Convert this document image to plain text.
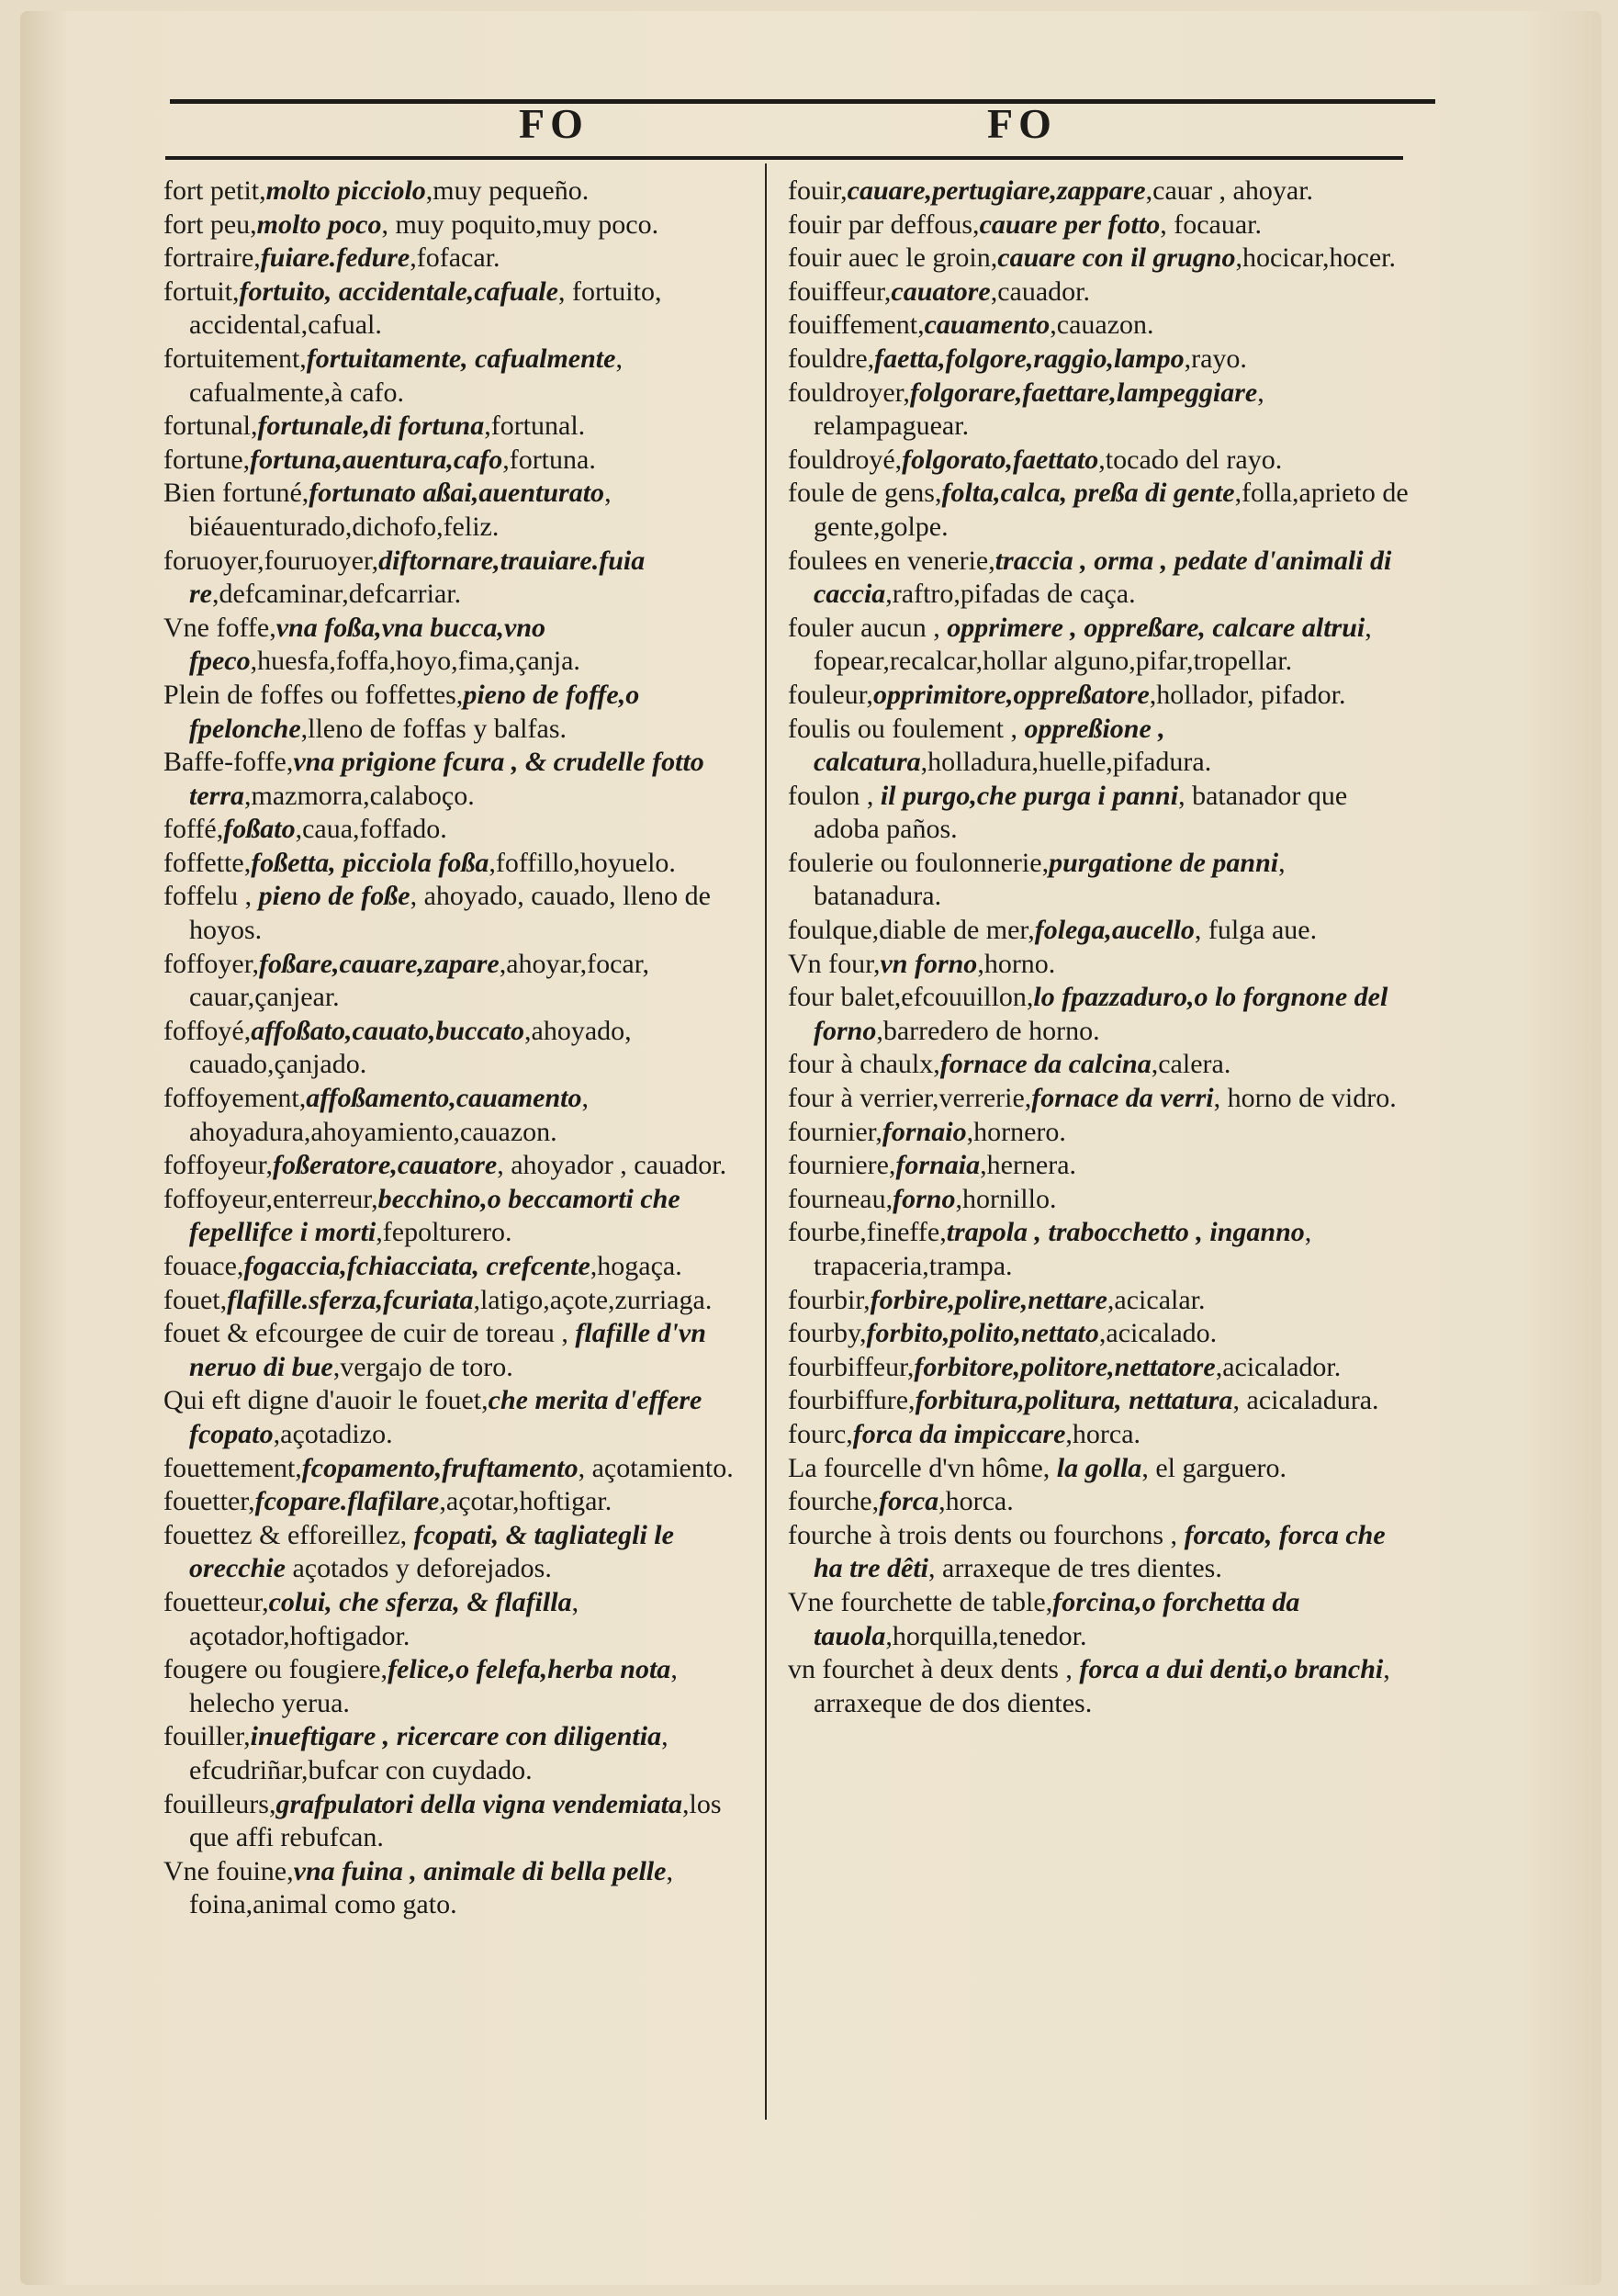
FO	FO

fort petit,molto picciolo,muy pequeño.

fort peu,molto poco, muy poquito,muy poco.

fortraire,fuiare.fedure,fofacar.

fortuit,fortuito, accidentale,cafuale, fortuito, accidental,cafual.

fortuitement,fortuitamente, cafualmente, cafualmente,à cafo.

fortunal,fortunale,di fortuna,fortunal.

fortune,fortuna,auentura,cafo,fortuna.

Bien fortuné,fortunato aßai,auenturato, biéauenturado,dichofo,feliz.

foruoyer,fouruoyer,diftornare,trauiare.fuia re,defcaminar,defcarriar.

Vne foffe,vna foßa,vna bucca,vno fpeco,huesfa,foffa,hoyo,fima,çanja.

Plein de foffes ou foffettes,pieno de foffe,o fpelonche,lleno de foffas y balfas.

Baffe-foffe,vna prigione fcura , & crudelle fotto terra,mazmorra,calaboço.

foffé,foßato,caua,foffado.

foffette,foßetta, picciola foßa,foffillo,hoyuelo.

foffelu , pieno de foße, ahoyado, cauado, lleno de hoyos.

foffoyer,foßare,cauare,zapare,ahoyar,focar, cauar,çanjear.

foffoyé,affoßato,cauato,buccato,ahoyado, cauado,çanjado.

foffoyement,affoßamento,cauamento, ahoyadura,ahoyamiento,cauazon.

foffoyeur,foßeratore,cauatore, ahoyador , cauador.

foffoyeur,enterreur,becchino,o beccamorti che fepellifce i morti,fepolturero.

fouace,fogaccia,fchiacciata, crefcente,hogaça.

fouet,flafille.sferza,fcuriata,latigo,açote,zurriaga.

fouet & efcourgee de cuir de toreau , flafille d'vn neruo di bue,vergajo de toro.

Qui eft digne d'auoir le fouet,che merita d'effere fcopato,açotadizo.

fouettement,fcopamento,fruftamento, açotamiento.

fouetter,fcopare.flafilare,açotar,hoftigar.

fouettez & efforeillez, fcopati, & tagliategli le orecchie açotados y deforejados.

fouetteur,colui, che sferza, & flafilla, açotador,hoftigador.

fougere ou fougiere,felice,o felefa,herba nota, helecho yerua.

fouiller,inueftigare , ricercare con diligentia, efcudriñar,bufcar con cuydado.

fouilleurs,grafpulatori della vigna vendemiata,los que affi rebufcan.

Vne fouine,vna fuina , animale di bella pelle, foina,animal como gato.

fouir,cauare,pertugiare,zappare,cauar , ahoyar.

fouir par deffous,cauare per fotto, focauar.

fouir auec le groin,cauare con il grugno,hocicar,hocer.

fouiffeur,cauatore,cauador.

fouiffement,cauamento,cauazon.

fouldre,faetta,folgore,raggio,lampo,rayo.

fouldroyer,folgorare,faettare,lampeggiare, relampaguear.

fouldroyé,folgorato,faettato,tocado del rayo.

foule de gens,folta,calca, preßa di gente,folla,aprieto de gente,golpe.

foulees en venerie,traccia , orma , pedate d'animali di caccia,raftro,pifadas de caça.

fouler aucun , opprimere , oppreßare, calcare altrui, fopear,recalcar,hollar alguno,pifar,tropellar.

fouleur,opprimitore,oppreßatore,hollador, pifador.

foulis ou foulement , oppreßione , calcatura,holladura,huelle,pifadura.

foulon , il purgo,che purga i panni, batanador que adoba paños.

foulerie ou foulonnerie,purgatione de panni, batanadura.

foulque,diable de mer,folega,aucello, fulga aue.

Vn four,vn forno,horno.

four balet,efcouuillon,lo fpazzaduro,o lo forgnone del forno,barredero de horno.

four à chaulx,fornace da calcina,calera.

four à verrier,verrerie,fornace da verri, horno de vidro.

fournier,fornaio,hornero.

fourniere,fornaia,hernera.

fourneau,forno,hornillo.

fourbe,fineffe,trapola , trabocchetto , inganno, trapaceria,trampa.

fourbir,forbire,polire,nettare,acicalar.

fourby,forbito,polito,nettato,acicalado.

fourbiffeur,forbitore,politore,nettatore,acicalador.

fourbiffure,forbitura,politura, nettatura, acicaladura.

fourc,forca da impiccare,horca.

La fourcelle d'vn hôme, la golla, el garguero.

fourche,forca,horca.

fourche à trois dents ou fourchons , forcato, forca che ha tre dêti, arraxeque de tres dientes.

Vne fourchette de table,forcina,o forchetta da tauola,horquilla,tenedor.

vn fourchet à deux dents , forca a dui denti,o branchi, arraxeque de dos dientes.
